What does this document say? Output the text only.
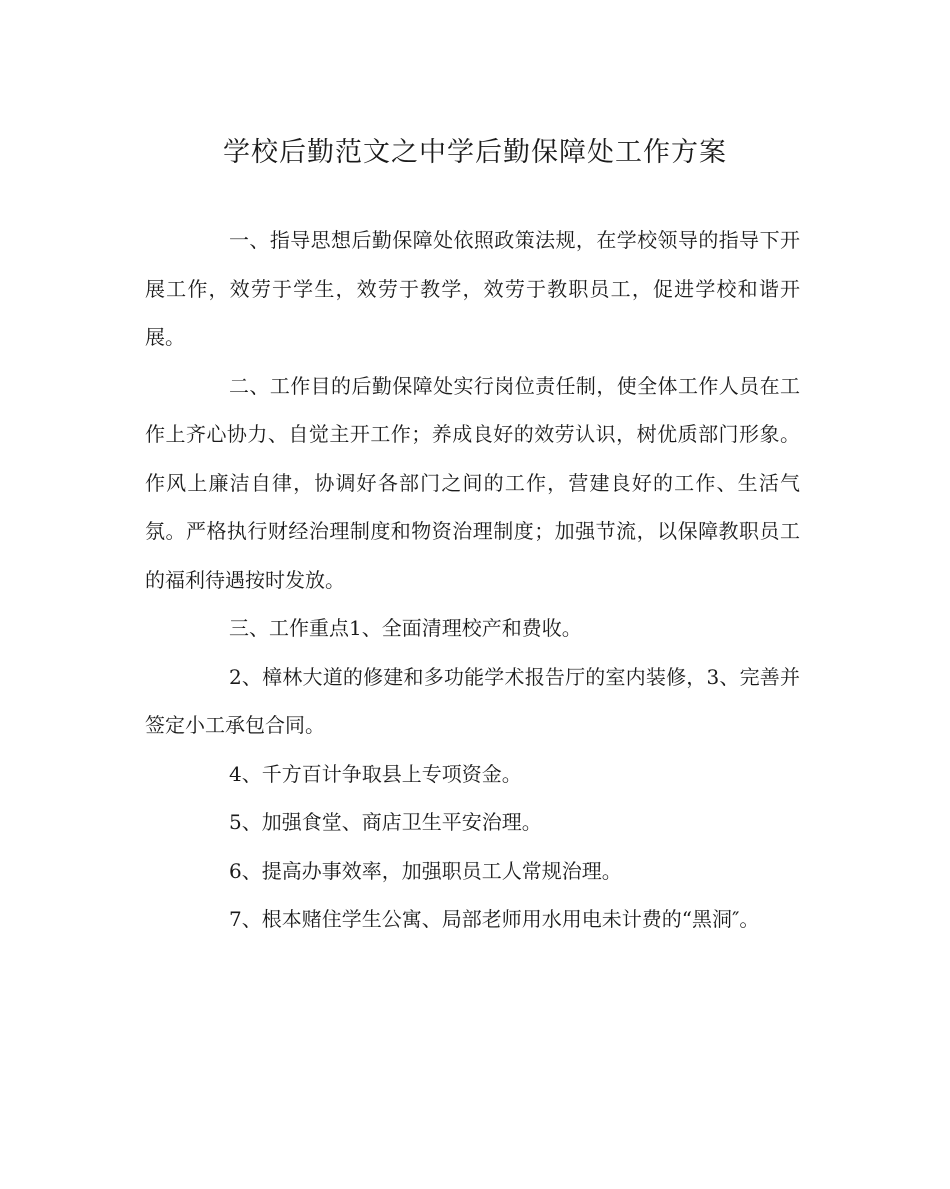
学校后勤范文之中学后勤保障处工作方案

一、指导思想后勤保障处依照政策法规，在学校领导的指导下开展工作，效劳于学生，效劳于教学，效劳于教职员工，促进学校和谐开展。

二、工作目的后勤保障处实行岗位责任制，使全体工作人员在工作上齐心协力、自觉主开工作；养成良好的效劳认识，树优质部门形象。作风上廉洁自律，协调好各部门之间的工作，营建良好的工作、生活气氛。严格执行财经治理制度和物资治理制度；加强节流，以保障教职员工的福利待遇按时发放。

三、工作重点1、全面清理校产和费收。

2、樟林大道的修建和多功能学术报告厅的室内装修，3、完善并签定小工承包合同。

4、千方百计争取县上专项资金。

5、加强食堂、商店卫生平安治理。

6、提高办事效率，加强职员工人常规治理。

7、根本赌住学生公寓、局部老师用水用电未计费的“黑洞″。
